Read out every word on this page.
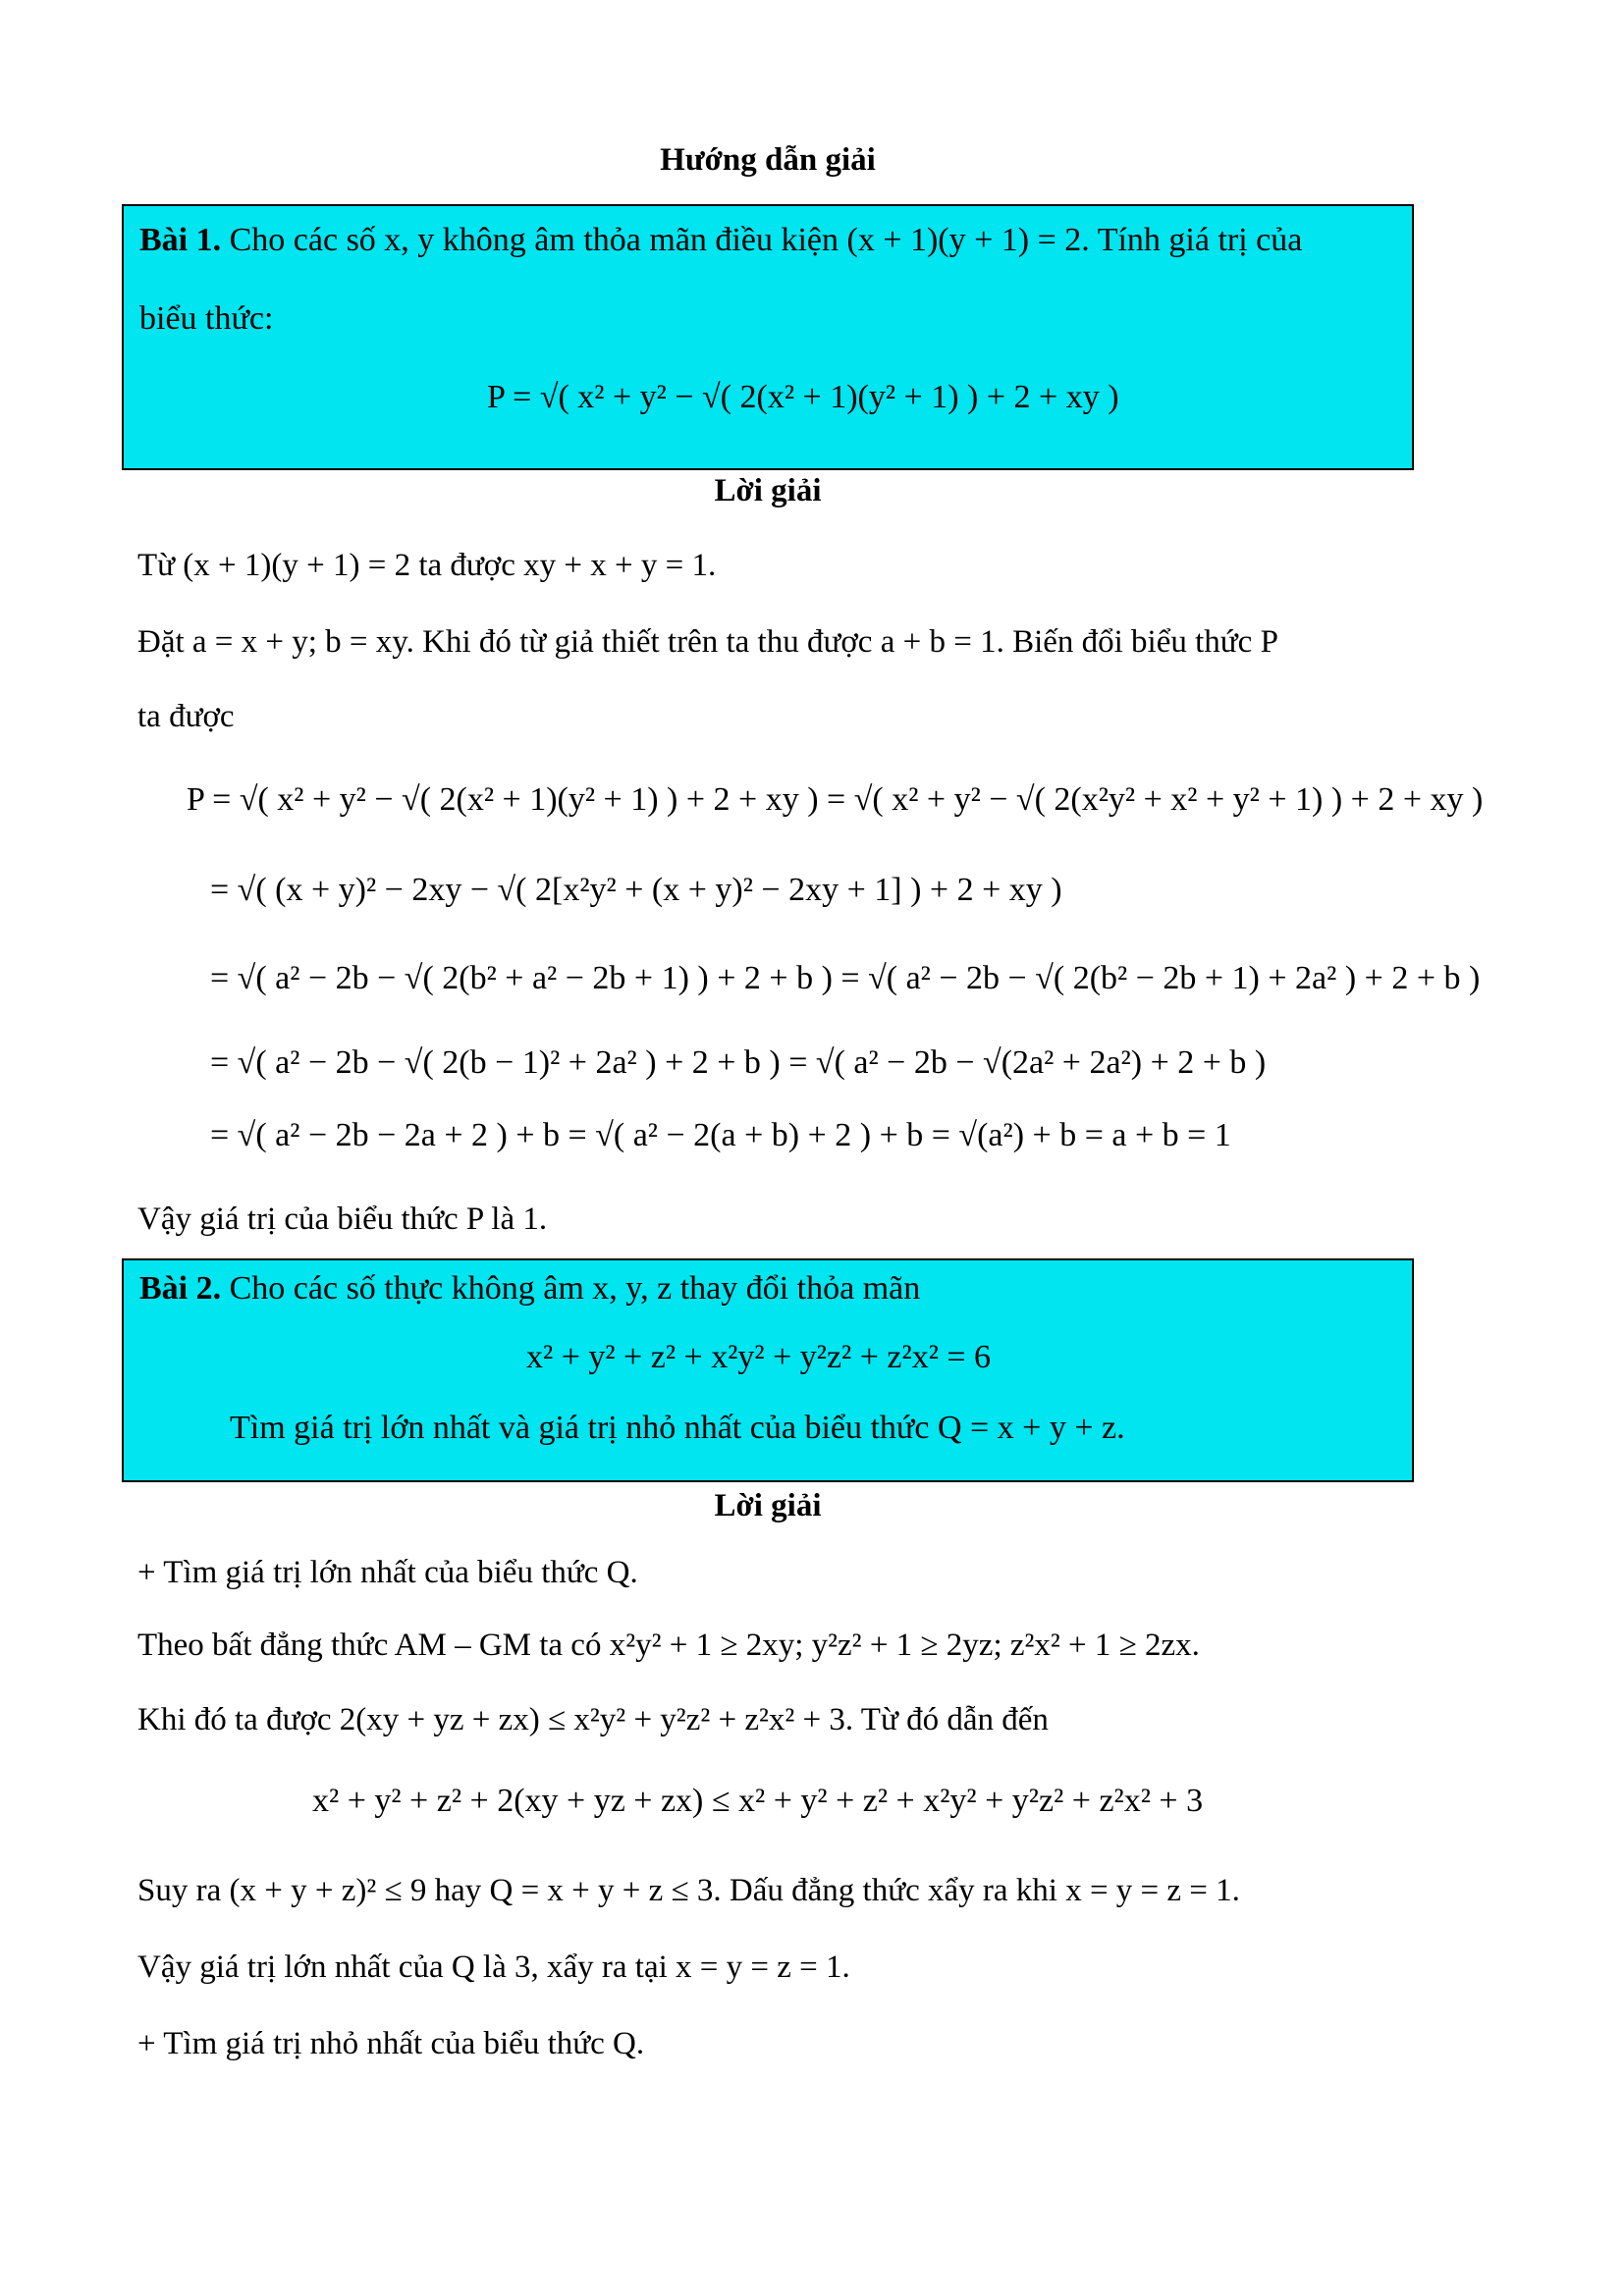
Hướng dẫn giải
Bài 1. Cho các số x, y không âm thỏa mãn điều kiện (x + 1)(y + 1) = 2. Tính giá trị của
biểu thức:
P = √( x² + y² − √( 2(x² + 1)(y² + 1) ) + 2 + xy )
Lời giải
Từ (x + 1)(y + 1) = 2 ta được xy + x + y = 1.
Đặt a = x + y; b = xy. Khi đó từ giả thiết trên ta thu được a + b = 1. Biến đổi biểu thức P
ta được
P = √( x² + y² − √( 2(x² + 1)(y² + 1) ) + 2 + xy ) = √( x² + y² − √( 2(x²y² + x² + y² + 1) ) + 2 + xy )
= √( (x + y)² − 2xy − √( 2[x²y² + (x + y)² − 2xy + 1] ) + 2 + xy )
= √( a² − 2b − √( 2(b² + a² − 2b + 1) ) + 2 + b ) = √( a² − 2b − √( 2(b² − 2b + 1) + 2a² ) + 2 + b )
= √( a² − 2b − √( 2(b − 1)² + 2a² ) + 2 + b ) = √( a² − 2b − √(2a² + 2a²) + 2 + b )
= √( a² − 2b − 2a + 2 ) + b = √( a² − 2(a + b) + 2 ) + b = √(a²) + b = a + b = 1
Vậy giá trị của biểu thức P là 1.
Bài 2. Cho các số thực không âm x, y, z thay đổi thỏa mãn
x² + y² + z² + x²y² + y²z² + z²x² = 6
Tìm giá trị lớn nhất và giá trị nhỏ nhất của biểu thức Q = x + y + z.
Lời giải
+ Tìm giá trị lớn nhất của biểu thức Q.
Theo bất đẳng thức AM – GM ta có x²y² + 1 ≥ 2xy; y²z² + 1 ≥ 2yz; z²x² + 1 ≥ 2zx.
Khi đó ta được 2(xy + yz + zx) ≤ x²y² + y²z² + z²x² + 3. Từ đó dẫn đến
x² + y² + z² + 2(xy + yz + zx) ≤ x² + y² + z² + x²y² + y²z² + z²x² + 3
Suy ra (x + y + z)² ≤ 9 hay Q = x + y + z ≤ 3. Dấu đẳng thức xẩy ra khi x = y = z = 1.
Vậy giá trị lớn nhất của Q là 3, xẩy ra tại x = y = z = 1.
+ Tìm giá trị nhỏ nhất của biểu thức Q.
